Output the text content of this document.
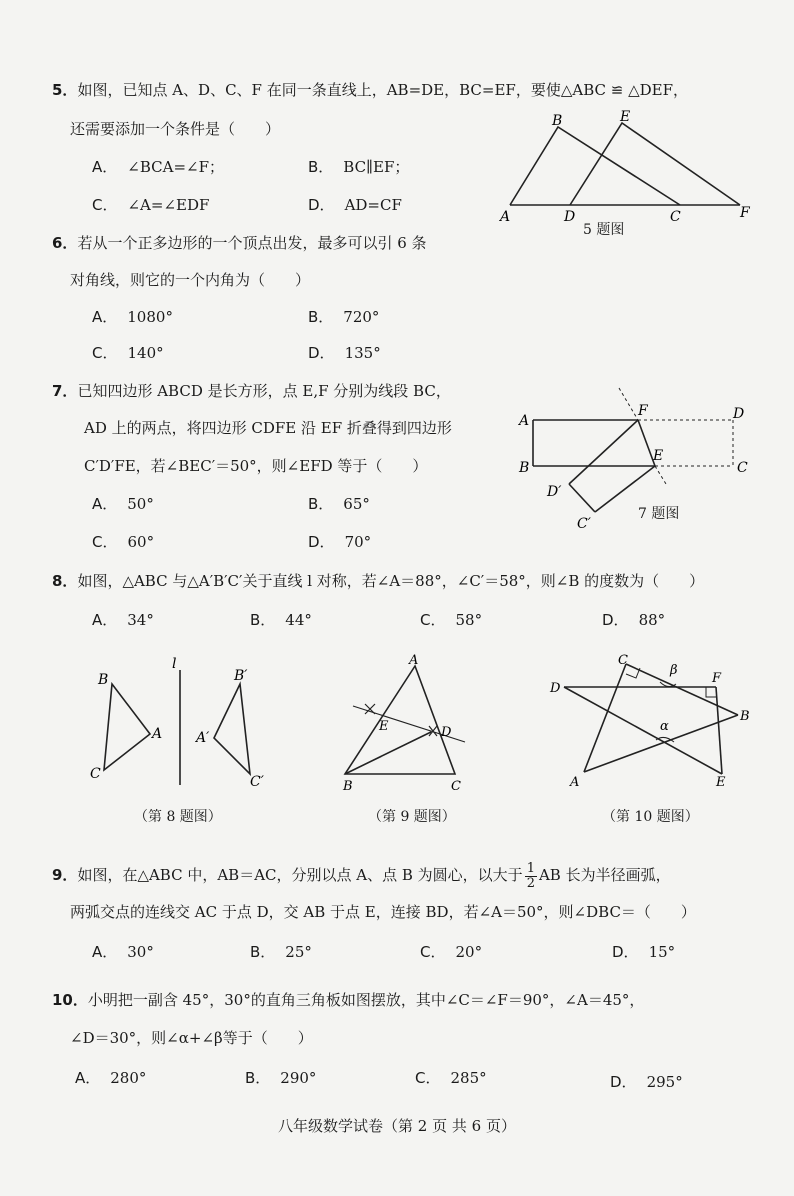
5．如图，已知点 A、D、C、F 在同一条直线上，AB=DE，BC=EF，要使△ABC ≌ △DEF，
还需要添加一个条件是（　　）
A． ∠BCA=∠F；	B． BC∥EF；
C． ∠A=∠EDF	D． AD=CF
A
B
C
D
E
F
5 题图
6．若从一个正多边形的一个顶点出发，最多可以引 6 条
对角线，则它的一个内角为（　　）
A． 1080°	B． 720°
C． 140°	D． 135°
7．已知四边形 ABCD 是长方形，点 E,F 分别为线段 BC，
AD 上的两点，将四边形 CDFE 沿 EF 折叠得到四边形
C′D′FE，若∠BEC′＝50°，则∠EFD 等于（　　）
A． 50°	B． 65°
C． 60°	D． 70°
A
B	C
D
E
F
D′
C′
7 题图
8．如图，△ABC 与△A′B′C′关于直线 l 对称，若∠A＝88°，∠C′＝58°，则∠B 的度数为（　　）
A． 34°	B． 44°	C． 58°	D． 88°
B
A
C
l
B′
A′
C′
（第 8 题图）
A
E	D
B	C
（第 9 题图）
C
D
F
B
A	E
α
β
（第 10 题图）
9．如图，在△ABC 中，AB＝AC，分别以点 A、点 B 为圆心，以大于 $\frac{1}{2}$ AB 长为半径画弧，
两弧交点的连线交 AC 于点 D，交 AB 于点 E，连接 BD，若∠A＝50°，则∠DBC＝（　　）
A． 30°	B． 25°	C． 20°	D． 15°
10．小明把一副含 45°，30°的直角三角板如图摆放，其中∠C＝∠F＝90°，∠A＝45°，
∠D＝30°，则∠α+∠β等于（　　）
A． 280°	B． 290°	C． 285°	D． 295°
八年级数学试卷（第 2 页 共 6 页）
